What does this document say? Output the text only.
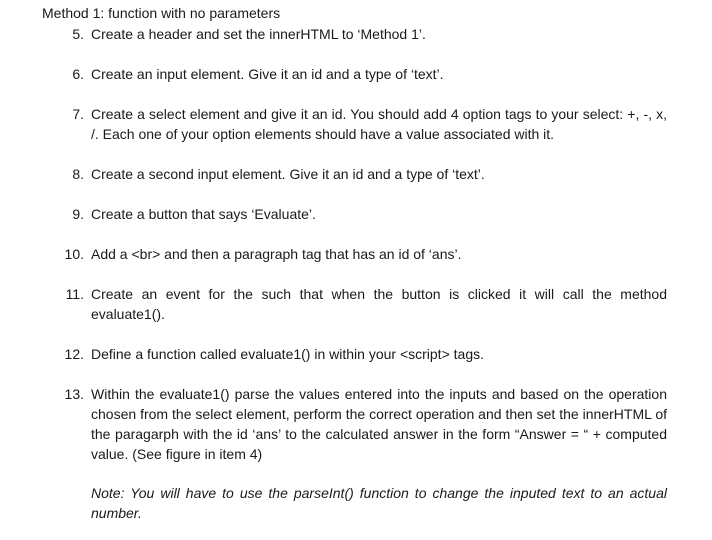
Method 1: function with no parameters
5. Create a header and set the innerHTML to ‘Method 1’.
6. Create an input element. Give it an id and a type of ‘text’.
7. Create a select element and give it an id. You should add 4 option tags to your select: +, -, x, /. Each one of your option elements should have a value associated with it.
8. Create a second input element. Give it an id and a type of ‘text’.
9. Create a button that says ‘Evaluate’.
10. Add a <br> and then a paragraph tag that has an id of ‘ans’.
11. Create an event for the such that when the button is clicked it will call the method evaluate1().
12. Define a function called evaluate1() in within your <script> tags.
13. Within the evaluate1() parse the values entered into the inputs and based on the operation chosen from the select element, perform the correct operation and then set the innerHTML of the paragarph with the id ‘ans’ to the calculated answer in the form “Answer = “ + computed value. (See figure in item 4)
Note: You will have to use the parseInt() function to change the inputed text to an actual number.
